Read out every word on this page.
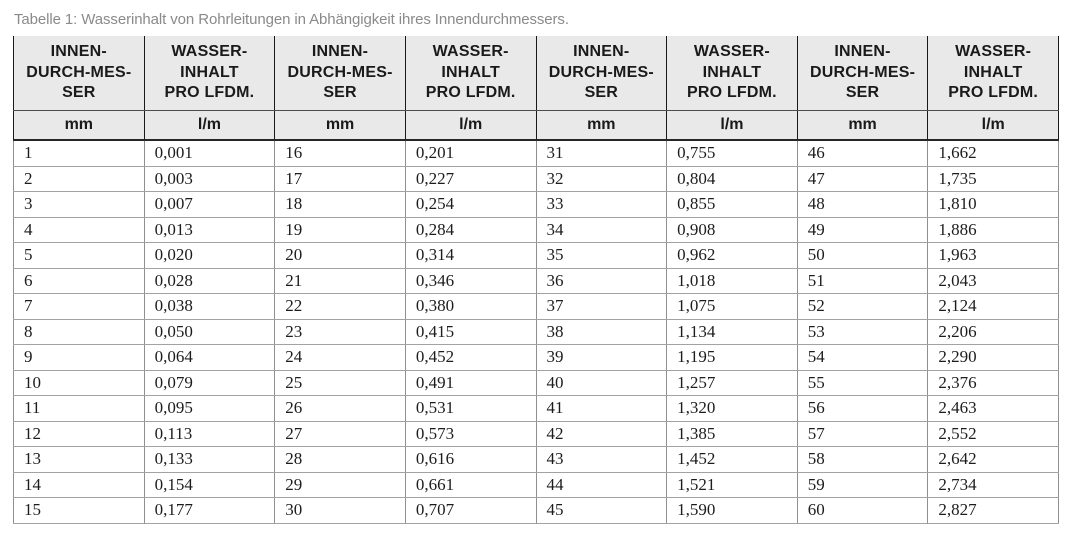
Tabelle 1: Wasserinhalt von Rohrleitungen in Abhängigkeit ihres Innendurchmessers.

INNEN-
DURCH-MES-
SER	WASSER-
INHALT
PRO LFDM.	INNEN-
DURCH-MES-
SER	WASSER-
INHALT
PRO LFDM.	INNEN-
DURCH-MES-
SER	WASSER-
INHALT
PRO LFDM.	INNEN-
DURCH-MES-
SER	WASSER-
INHALT
PRO LFDM.

mm	l/m	mm	l/m	mm	l/m	mm	l/m
1	0,001	16	0,201	31	0,755	46	1,662
2	0,003	17	0,227	32	0,804	47	1,735
3	0,007	18	0,254	33	0,855	48	1,810
4	0,013	19	0,284	34	0,908	49	1,886
5	0,020	20	0,314	35	0,962	50	1,963
6	0,028	21	0,346	36	1,018	51	2,043
7	0,038	22	0,380	37	1,075	52	2,124
8	0,050	23	0,415	38	1,134	53	2,206
9	0,064	24	0,452	39	1,195	54	2,290
10	0,079	25	0,491	40	1,257	55	2,376
11	0,095	26	0,531	41	1,320	56	2,463
12	0,113	27	0,573	42	1,385	57	2,552
13	0,133	28	0,616	43	1,452	58	2,642
14	0,154	29	0,661	44	1,521	59	2,734
15	0,177	30	0,707	45	1,590	60	2,827
